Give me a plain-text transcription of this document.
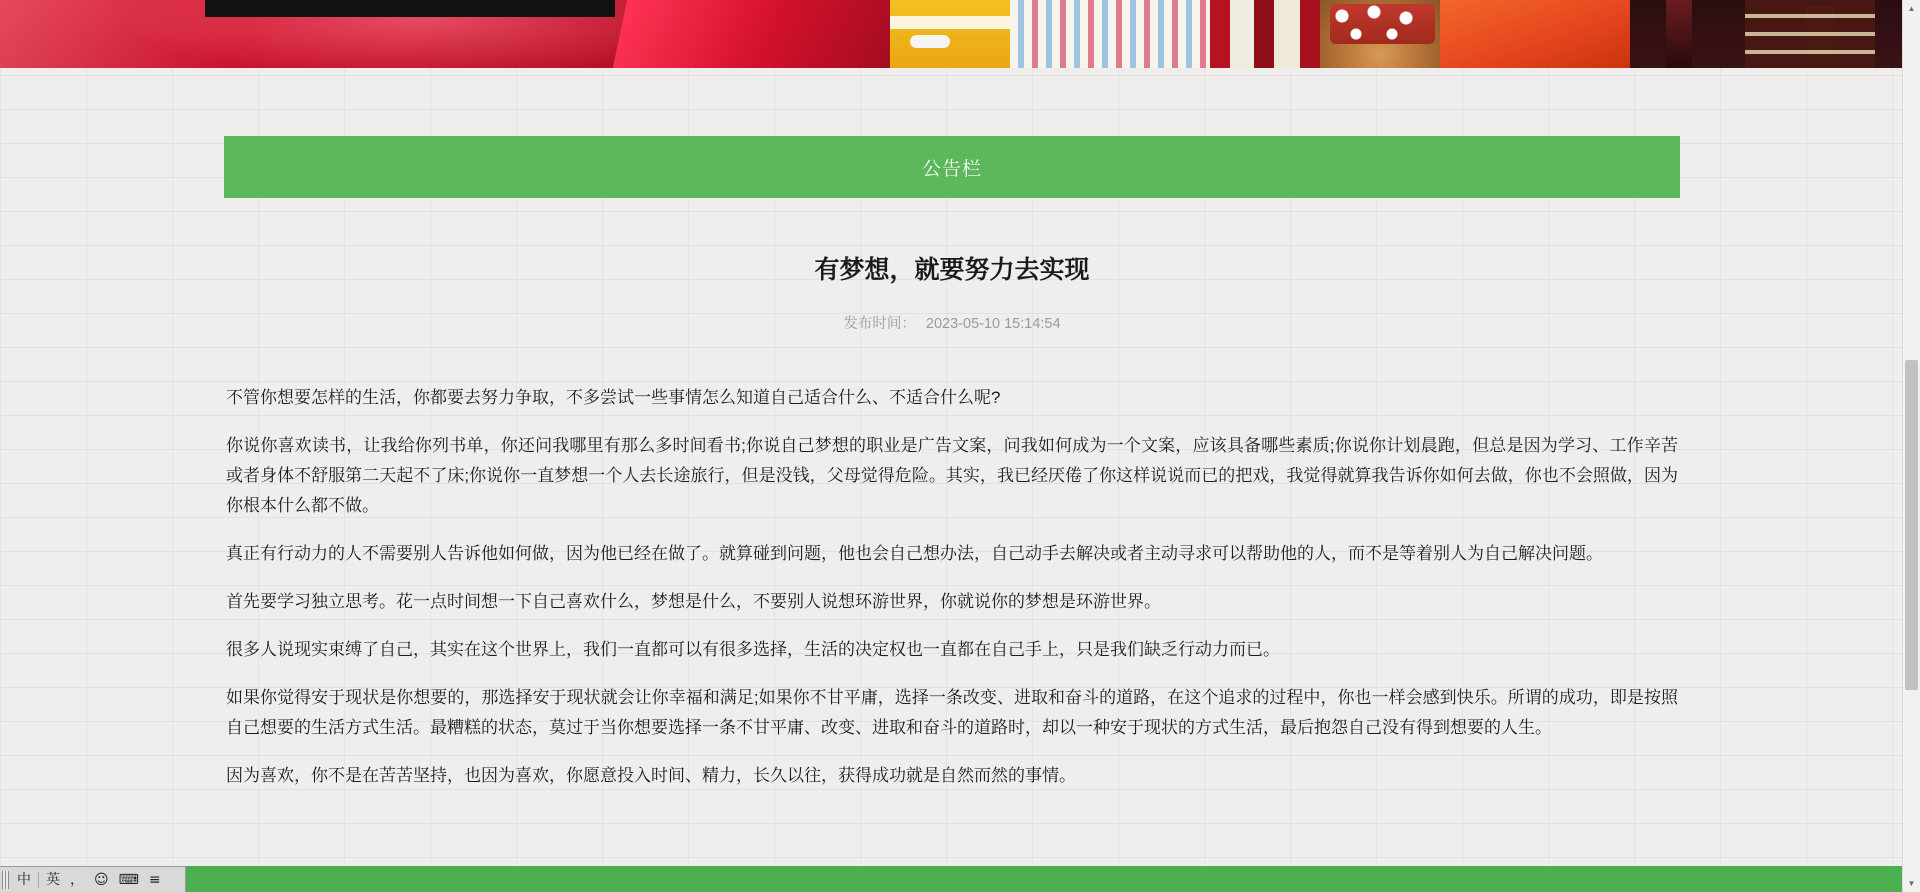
公告栏
有梦想，就要努力去实现
发布时间： 2023-05-10 15:14:54

不管你想要怎样的生活，你都要去努力争取，不多尝试一些事情怎么知道自己适合什么、不适合什么呢?

你说你喜欢读书，让我给你列书单，你还问我哪里有那么多时间看书;你说自己梦想的职业是广告文案，问我如何成为一个文案，应该具备哪些素质;你说你计划晨跑，但总是因为学习、工作辛苦或者身体不舒服第二天起不了床;你说你一直梦想一个人去长途旅行，但是没钱，父母觉得危险。其实，我已经厌倦了你这样说说而已的把戏，我觉得就算我告诉你如何去做，你也不会照做，因为你根本什么都不做。

真正有行动力的人不需要别人告诉他如何做，因为他已经在做了。就算碰到问题，他也会自己想办法，自己动手去解决或者主动寻求可以帮助他的人，而不是等着别人为自己解决问题。

首先要学习独立思考。花一点时间想一下自己喜欢什么，梦想是什么，不要别人说想环游世界，你就说你的梦想是环游世界。

很多人说现实束缚了自己，其实在这个世界上，我们一直都可以有很多选择，生活的决定权也一直都在自己手上，只是我们缺乏行动力而已。

如果你觉得安于现状是你想要的，那选择安于现状就会让你幸福和满足;如果你不甘平庸，选择一条改变、进取和奋斗的道路，在这个追求的过程中，你也一样会感到快乐。所谓的成功，即是按照自己想要的生活方式生活。最糟糕的状态，莫过于当你想要选择一条不甘平庸、改变、进取和奋斗的道路时，却以一种安于现状的方式生活，最后抱怨自己没有得到想要的人生。

因为喜欢，你不是在苦苦坚持，也因为喜欢，你愿意投入时间、精力，长久以往，获得成功就是自然而然的事情。

中	英 ， ☺ ⌨ ≡
▲
▼
